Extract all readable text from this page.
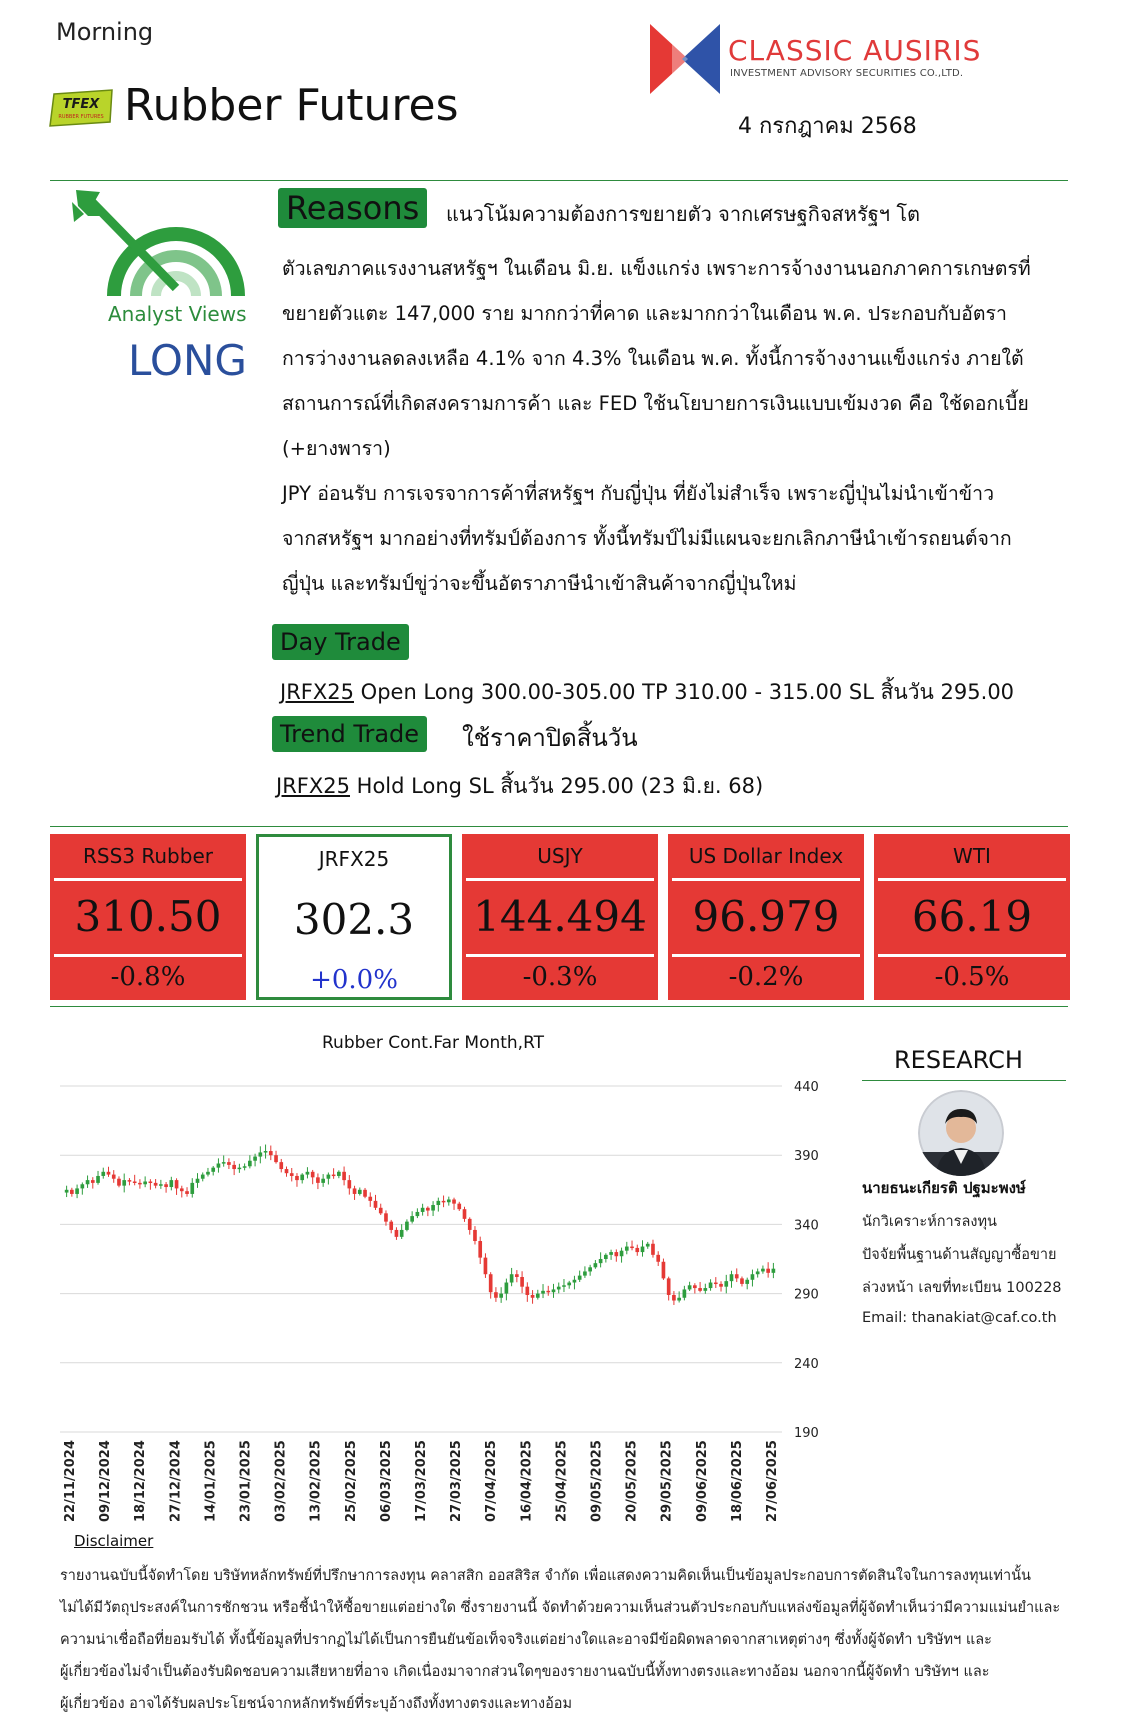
Morning
TFEX
RUBBER FUTURES Rubber Futures
CLASSIC AUSIRIS
INVESTMENT ADVISORY SECURITIES CO.,LTD.
4 กรกฎาคม 2568
Analyst Views
LONG
Reasons	แนวโน้มความต้องการขยายตัว จากเศรษฐกิจสหรัฐฯ โต
ตัวเลขภาคแรงงานสหรัฐฯ ในเดือน มิ.ย. แข็งแกร่ง เพราะการจ้างงานนอกภาคการเกษตรที่
ขยายตัวแตะ 147,000 ราย มากกว่าที่คาด และมากกว่าในเดือน พ.ค. ประกอบกับอัตรา
การว่างงานลดลงเหลือ 4.1% จาก 4.3% ในเดือน พ.ค. ทั้งนี้การจ้างงานแข็งแกร่ง ภายใต้
สถานการณ์ที่เกิดสงครามการค้า และ FED ใช้นโยบายการเงินแบบเข้มงวด คือ ใช้ดอกเบี้ย
(+ยางพารา)
JPY อ่อนรับ การเจรจาการค้าที่สหรัฐฯ กับญี่ปุ่น ที่ยังไม่สำเร็จ เพราะญี่ปุ่นไม่นำเข้าข้าว
จากสหรัฐฯ มากอย่างที่ทรัมป์ต้องการ ทั้งนี้ทรัมป์ไม่มีแผนจะยกเลิกภาษีนำเข้ารถยนต์จาก
ญี่ปุ่น และทรัมป์ขู่ว่าจะขึ้นอัตราภาษีนำเข้าสินค้าจากญี่ปุ่นใหม่
Day Trade
JRFX25 Open Long 300.00-305.00 TP 310.00 - 315.00 SL สิ้นวัน 295.00
Trend Trade	ใช้ราคาปิดสิ้นวัน
JRFX25 Hold Long SL สิ้นวัน 295.00 (23 มิ.ย. 68)
RSS3 Rubber
310.50
-0.8%
JRFX25
302.3
+0.0%
USJY
144.494
-0.3%
US Dollar Index
96.979
-0.2%
WTI
66.19
-0.5%
Rubber Cont.Far Month,RT
440
390
340
290
240
190
22/11/2024 09/12/2024 18/12/2024 27/12/2024 14/01/2025 23/01/2025 03/02/2025 13/02/2025 25/02/2025 06/03/2025 17/03/2025 27/03/2025 07/04/2025 16/04/2025 25/04/2025 09/05/2025 20/05/2025 29/05/2025 09/06/2025 18/06/2025 27/06/2025
RESEARCH
นายธนะเกียรติ ปฐมะพงษ์
นักวิเคราะห์การลงทุน
ปัจจัยพื้นฐานด้านสัญญาซื้อขาย
ล่วงหน้า เลขที่ทะเบียน 100228
Email: thanakiat@caf.co.th
Disclaimer
รายงานฉบับนี้จัดทำโดย บริษัทหลักทรัพย์ที่ปรึกษาการลงทุน คลาสสิก ออสสิริส จำกัด เพื่อแสดงความคิดเห็นเป็นข้อมูลประกอบการตัดสินใจในการลงทุนเท่านั้น
ไม่ได้มีวัตถุประสงค์ในการชักชวน หรือชี้นำให้ซื้อขายแต่อย่างใด ซึ่งรายงานนี้ จัดทำด้วยความเห็นส่วนตัวประกอบกับแหล่งข้อมูลที่ผู้จัดทำเห็นว่ามีความแม่นยำและ
ความน่าเชื่อถือที่ยอมรับได้ ทั้งนี้ข้อมูลที่ปรากฏไม่ได้เป็นการยืนยันข้อเท็จจริงแต่อย่างใดและอาจมีข้อผิดพลาดจากสาเหตุต่างๆ ซึ่งทั้งผู้จัดทำ บริษัทฯ และ
ผู้เกี่ยวข้องไม่จำเป็นต้องรับผิดชอบความเสียหายที่อาจ เกิดเนื่องมาจากส่วนใดๆของรายงานฉบับนี้ทั้งทางตรงและทางอ้อม นอกจากนี้ผู้จัดทำ บริษัทฯ และ
ผู้เกี่ยวข้อง อาจได้รับผลประโยชน์จากหลักทรัพย์ที่ระบุอ้างถึงทั้งทางตรงและทางอ้อม
